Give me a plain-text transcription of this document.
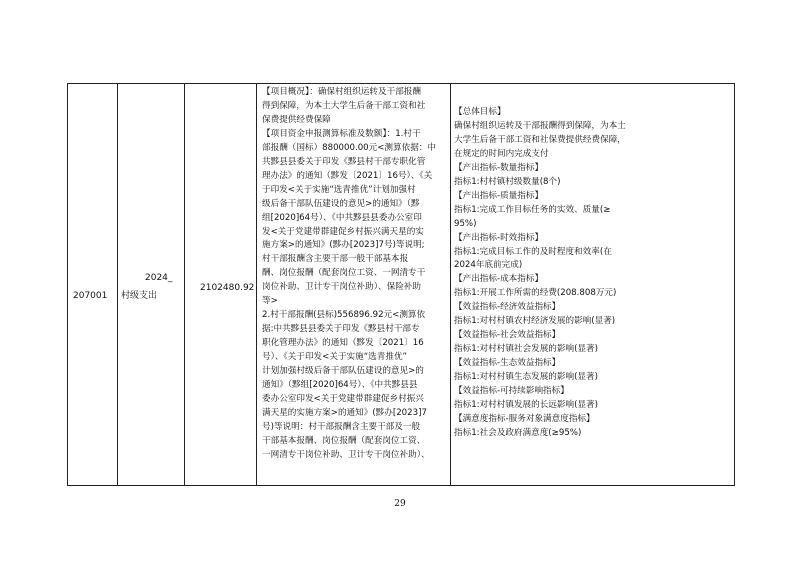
207001
2024_
村级支出
2102480.92
【项目概况】：确保村组织运转及干部报酬
得到保障，为本土大学生后备干部工资和社
保费提供经费保障
【项目资金申报测算标准及数额】：1.村干
部报酬（国标）880000.00元<测算依据：中
共黟县县委关于印发《黟县村干部专职化管
理办法》的通知（黟发〔2021〕16号）、《关
于印发<关于实施“选青推优”计划加强村
级后备干部队伍建设的意见>的通知》（黟
组[2020]64号）、《中共黟县县委办公室印
发<关于党建带群建促乡村振兴满天星的实
施方案>的通知》(黟办[2023]7号)等说明;
村干部报酬含主要干部一般干部基本报
酬、岗位报酬（配套岗位工资、一网清专干
岗位补助、卫计专干岗位补助）、保险补助
等>
2.村干部报酬(县标)556896.92元<测算依
据:中共黟县县委关于印发《黟县村干部专
职化管理办法》的通知（黟发〔2021〕16
号）、《关于印发<关于实施“选青推优”
计划加强村级后备干部队伍建设的意见>的
通知》（黟组[2020]64号）、《中共黟县县
委办公室印发<关于党建带群建促乡村振兴
满天星的实施方案>的通知》(黟办[2023]7
号)等说明：村干部报酬含主要干部及一般
干部基本报酬、岗位报酬（配套岗位工资、
一网清专干岗位补助、卫计专干岗位补助）、
【总体目标】
确保村组织运转及干部报酬得到保障，为本土
大学生后备干部工资和社保费提供经费保障，
在规定的时间内完成支付
【产出指标-数量指标】
指标1:村村镇村级数量(8个)
【产出指标-质量指标】
指标1:完成工作目标任务的实效、质量(≥
95%)
【产出指标-时效指标】
指标1:完成目标工作的及时程度和效率(在
2024年底前完成)
【产出指标-成本指标】
指标1:开展工作所需的经费(208.808万元)
【效益指标-经济效益指标】
指标1:对村村镇农村经济发展的影响(显著)
【效益指标-社会效益指标】
指标1:对村村镇社会发展的影响(显著)
【效益指标-生态效益指标】
指标1:对村村镇生态发展的影响(显著)
【效益指标-可持续影响指标】
指标1:对村村镇发展的长远影响(显著)
【满意度指标-服务对象满意度指标】
指标1:社会及政府满意度(≥95%)
29
